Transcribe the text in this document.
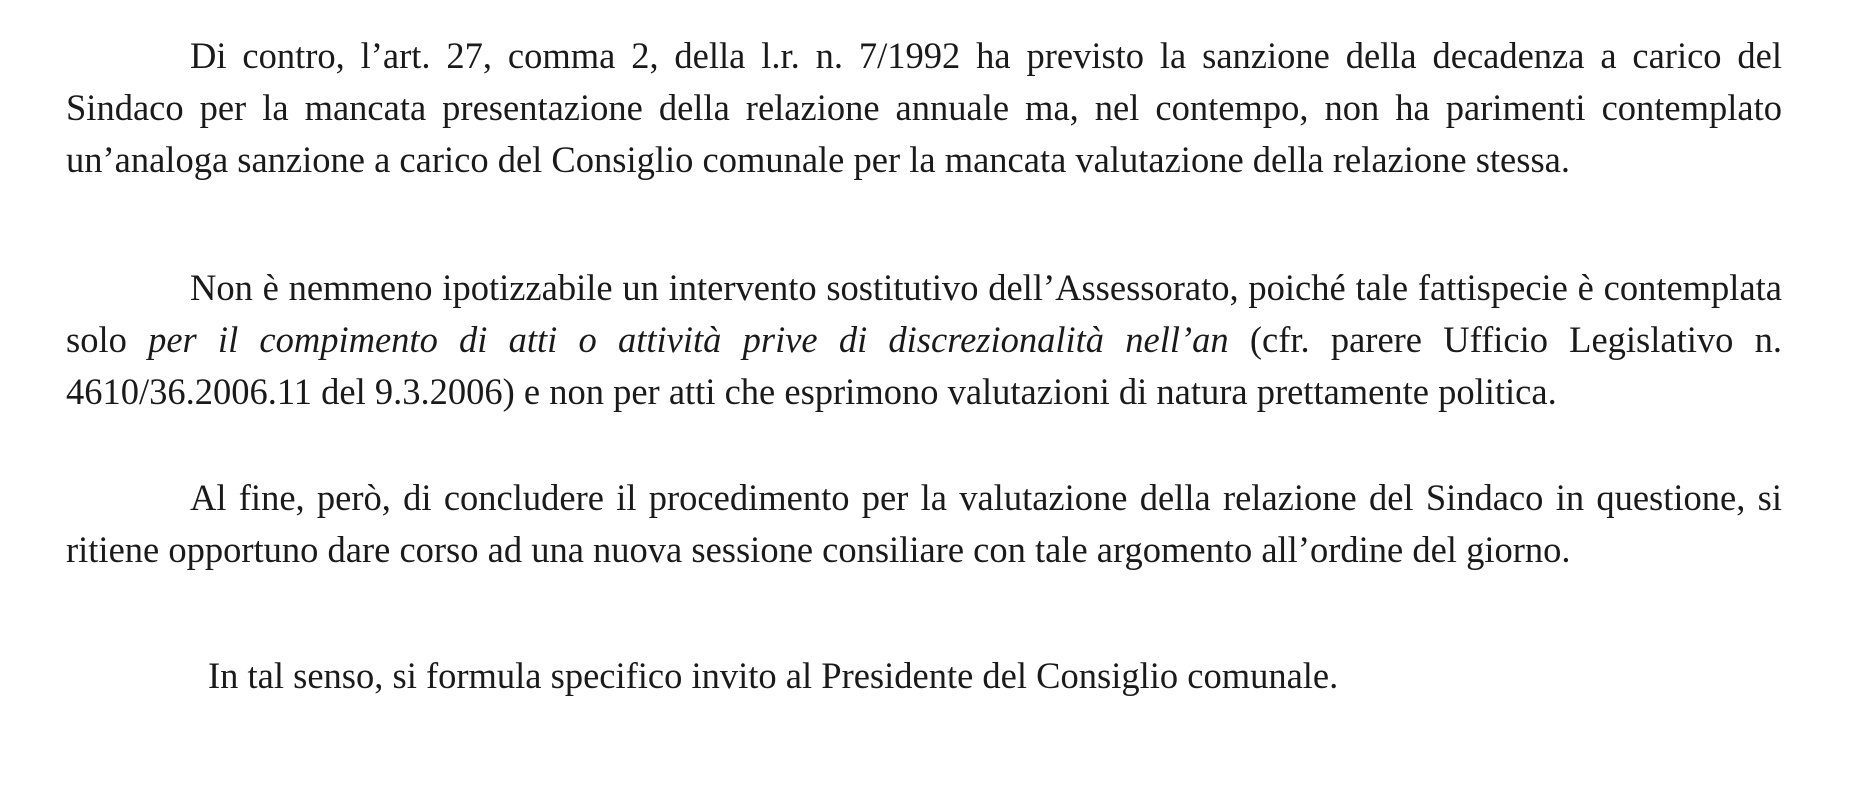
Di contro, l’art. 27, comma 2, della l.r. n. 7/1992 ha previsto la sanzione della decadenza a carico del Sindaco per la mancata presentazione della relazione annuale ma, nel contempo, non ha parimenti contemplato un’analoga sanzione a carico del Consiglio comunale per la mancata valutazione della relazione stessa.

Non è nemmeno ipotizzabile un intervento sostitutivo dell’Assessorato, poiché tale fattispecie è contemplata solo per il compimento di atti o attività prive di discrezionalità nell’an (cfr. parere Ufficio Legislativo n. 4610/36.2006.11 del 9.3.2006) e non per atti che esprimono valutazioni di natura prettamente politica.

Al fine, però, di concludere il procedimento per la valutazione della relazione del Sindaco in questione, si ritiene opportuno dare corso ad una nuova sessione consiliare con tale argomento all’ordine del giorno.

In tal senso, si formula specifico invito al Presidente del Consiglio comunale.
